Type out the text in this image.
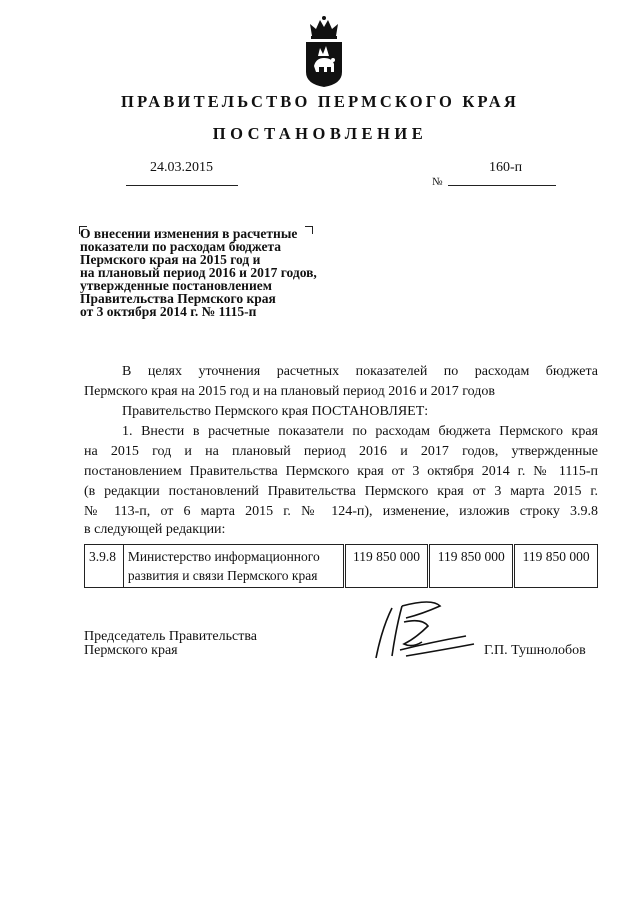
ПРАВИТЕЛЬСТВО ПЕРМСКОГО КРАЯ
ПОСТАНОВЛЕНИЕ
24.03.2015
№
160-п
О внесении изменения в расчетные
показатели по расходам бюджета
Пермского края на 2015 год и
на плановый период 2016 и 2017 годов,
утвержденные постановлением
Правительства Пермского края
от 3 октября 2014 г. № 1115-п
В целях уточнения расчетных показателей по расходам бюджета
Пермского края на 2015 год и на плановый период 2016 и 2017 годов
Правительство Пермского края ПОСТАНОВЛЯЕТ:
1. Внести в расчетные показатели по расходам бюджета Пермского края
на 2015 год и на плановый период 2016 и 2017 годов, утвержденные
постановлением Правительства Пермского края от 3 октября 2014 г. № 1115-п
(в редакции постановлений Правительства Пермского края от 3 марта 2015 г.
№ 113-п, от 6 марта 2015 г. № 124-п), изменение, изложив строку 3.9.8
в следующей редакции:
3.9.8	Министерство информационного развития и связи Пермского края	119 850 000	119 850 000	119 850 000
Председатель Правительства
Пермского края	Г.П. Тушнолобов
